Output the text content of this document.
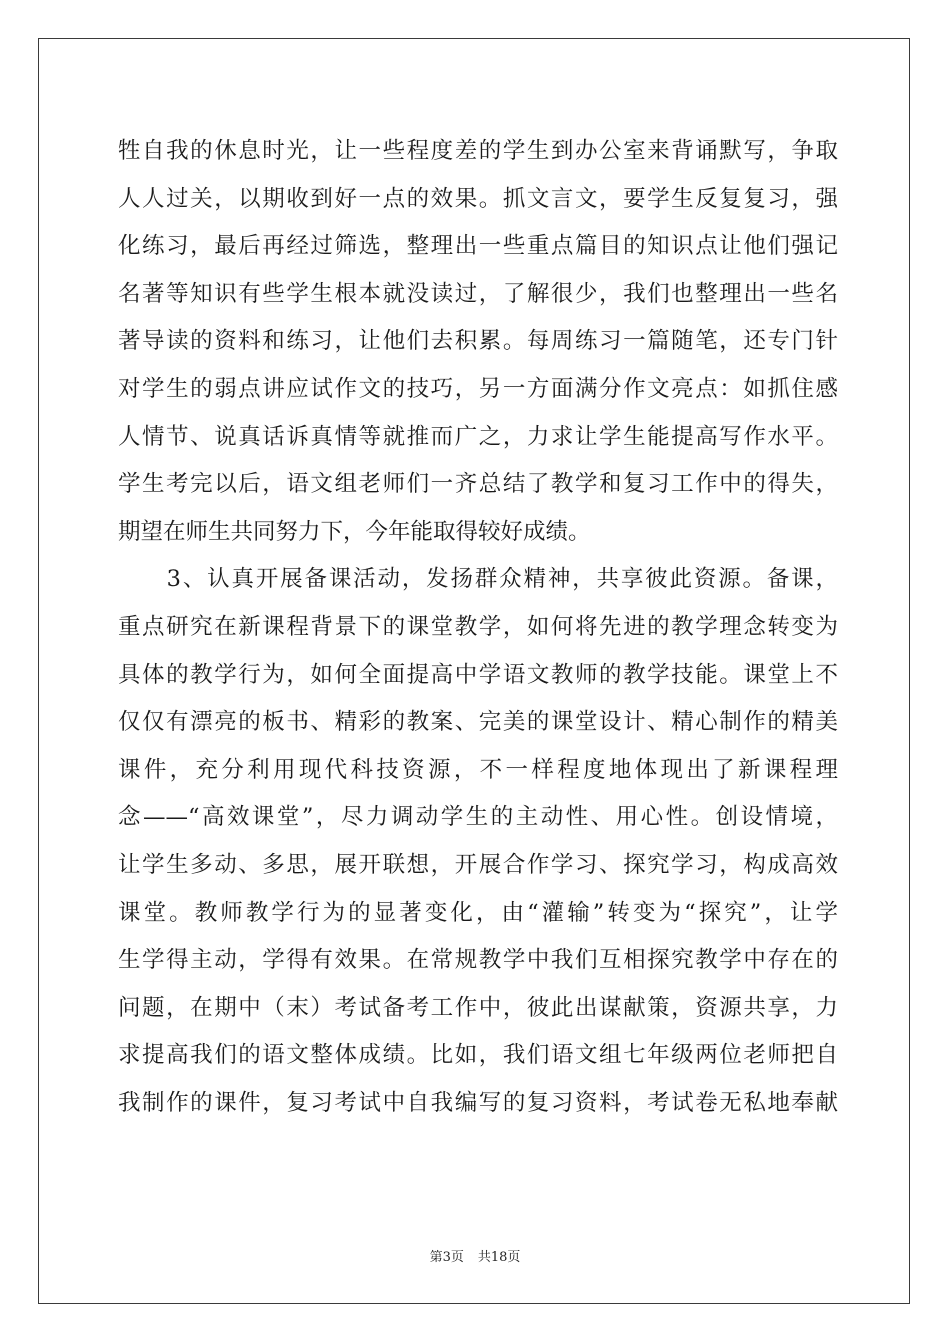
牲自我的休息时光，让一些程度差的学生到办公室来背诵默写，争取
人人过关，以期收到好一点的效果。抓文言文，要学生反复复习，强
化练习，最后再经过筛选，整理出一些重点篇目的知识点让他们强记
名著等知识有些学生根本就没读过，了解很少，我们也整理出一些名
著导读的资料和练习，让他们去积累。每周练习一篇随笔，还专门针
对学生的弱点讲应试作文的技巧，另一方面满分作文亮点：如抓住感
人情节、说真话诉真情等就推而广之，力求让学生能提高写作水平。
学生考完以后，语文组老师们一齐总结了教学和复习工作中的得失，
期望在师生共同努力下，今年能取得较好成绩。
　　3、认真开展备课活动，发扬群众精神，共享彼此资源。备课，
重点研究在新课程背景下的课堂教学，如何将先进的教学理念转变为
具体的教学行为，如何全面提高中学语文教师的教学技能。课堂上不
仅仅有漂亮的板书、精彩的教案、完美的课堂设计、精心制作的精美
课件，充分利用现代科技资源，不一样程度地体现出了新课程理
念——“高效课堂”，尽力调动学生的主动性、用心性。创设情境，
让学生多动、多思，展开联想，开展合作学习、探究学习，构成高效
课堂。教师教学行为的显著变化，由“灌输”转变为“探究”，让学
生学得主动，学得有效果。在常规教学中我们互相探究教学中存在的
问题，在期中（末）考试备考工作中，彼此出谋献策，资源共享，力
求提高我们的语文整体成绩。比如，我们语文组七年级两位老师把自
我制作的课件，复习考试中自我编写的复习资料，考试卷无私地奉献
第3页 共18页
